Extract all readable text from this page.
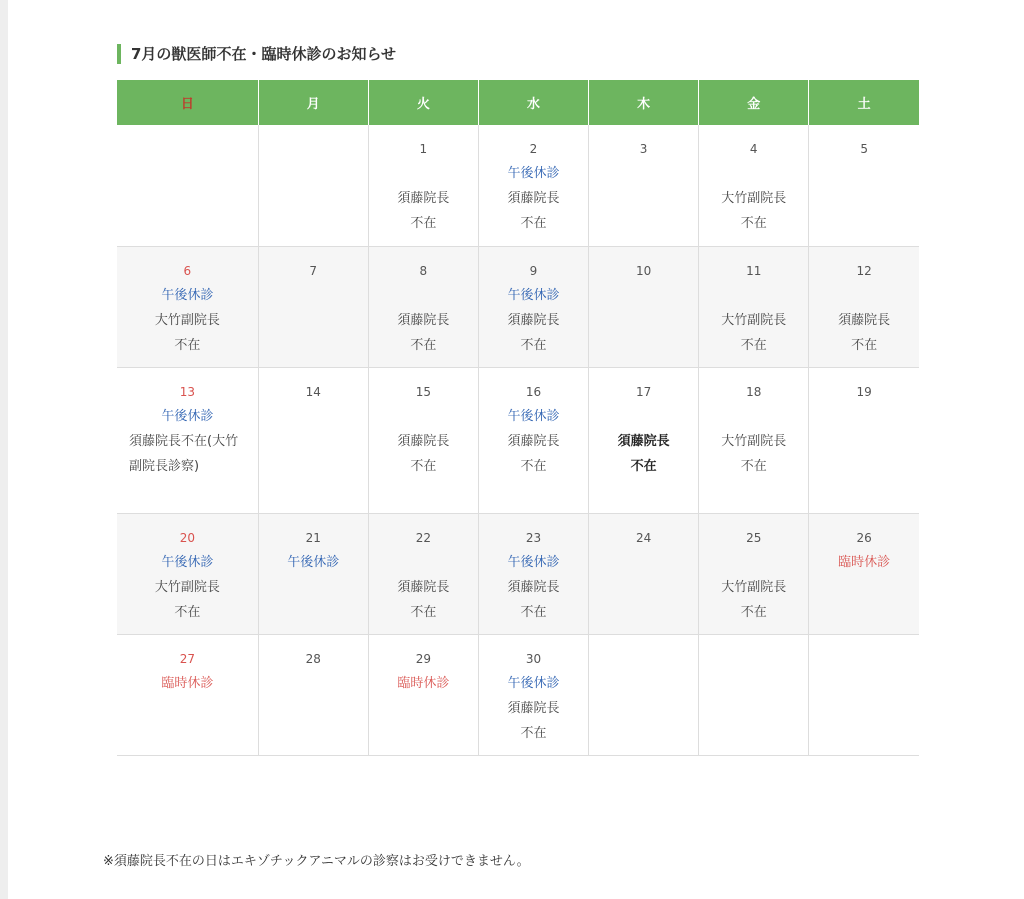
7月の獣医師不在・臨時休診のお知らせ
日	月	火	水	木	金	土

		1
須藤院長
不在	2
午後休診
須藤院長
不在	3	4
大竹副院長
不在	5

6
午後休診
大竹副院長
不在	7	8
須藤院長
不在	9
午後休診
須藤院長
不在	10	11
大竹副院長
不在	12
須藤院長
不在

13
午後休診
須藤院長不在(大竹副院長診察)	14	15
須藤院長
不在	16
午後休診
須藤院長
不在	17
須藤院長
不在	18
大竹副院長
不在	19

20
午後休診
大竹副院長
不在	21
午後休診	22
須藤院長
不在	23
午後休診
須藤院長
不在	24	25
大竹副院長
不在	26
臨時休診

27
臨時休診	28	29
臨時休診	30
午後休診
須藤院長
不在			

※須藤院長不在の日はエキゾチックアニマルの診察はお受けできません。
